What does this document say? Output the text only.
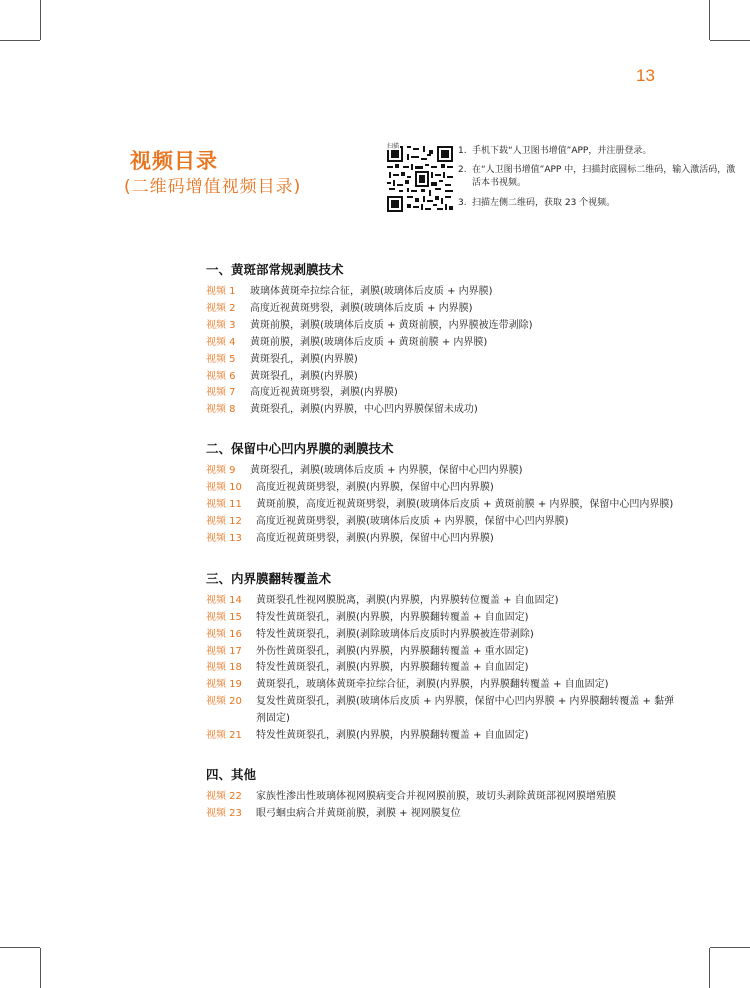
13
视频目录
(二维码增值视频目录)
扫描	1. 手机下载“人卫图书增值”APP，并注册登录。
2. 在“人卫图书增值”APP 中，扫描封底圆标二维码，输入激活码，激活本书视频。
3. 扫描左侧二维码，获取 23 个视频。
一、黄斑部常规剥膜技术
视频 1	玻璃体黄斑牵拉综合征，剥膜(玻璃体后皮质 + 内界膜)
视频 2	高度近视黄斑劈裂，剥膜(玻璃体后皮质 + 内界膜)
视频 3	黄斑前膜，剥膜(玻璃体后皮质 + 黄斑前膜，内界膜被连带剥除)
视频 4	黄斑前膜，剥膜(玻璃体后皮质 + 黄斑前膜 + 内界膜)
视频 5	黄斑裂孔，剥膜(内界膜)
视频 6	黄斑裂孔，剥膜(内界膜)
视频 7	高度近视黄斑劈裂，剥膜(内界膜)
视频 8	黄斑裂孔，剥膜(内界膜，中心凹内界膜保留未成功)
二、保留中心凹内界膜的剥膜技术
视频 9	黄斑裂孔，剥膜(玻璃体后皮质 + 内界膜，保留中心凹内界膜)
视频 10	高度近视黄斑劈裂，剥膜(内界膜，保留中心凹内界膜)
视频 11	黄斑前膜，高度近视黄斑劈裂，剥膜(玻璃体后皮质 + 黄斑前膜 + 内界膜，保留中心凹内界膜)
视频 12	高度近视黄斑劈裂，剥膜(玻璃体后皮质 + 内界膜，保留中心凹内界膜)
视频 13	高度近视黄斑劈裂，剥膜(内界膜，保留中心凹内界膜)
三、内界膜翻转覆盖术
视频 14	黄斑裂孔性视网膜脱离，剥膜(内界膜，内界膜转位覆盖 + 自血固定)
视频 15	特发性黄斑裂孔，剥膜(内界膜，内界膜翻转覆盖 + 自血固定)
视频 16	特发性黄斑裂孔，剥膜(剥除玻璃体后皮质时内界膜被连带剥除)
视频 17	外伤性黄斑裂孔，剥膜(内界膜，内界膜翻转覆盖 + 重水固定)
视频 18	特发性黄斑裂孔，剥膜(内界膜，内界膜翻转覆盖 + 自血固定)
视频 19	黄斑裂孔，玻璃体黄斑牵拉综合征，剥膜(内界膜，内界膜翻转覆盖 + 自血固定)
视频 20	复发性黄斑裂孔，剥膜(玻璃体后皮质 + 内界膜，保留中心凹内界膜 + 内界膜翻转覆盖 + 黏弹剂固定)
视频 21	特发性黄斑裂孔，剥膜(内界膜，内界膜翻转覆盖 + 自血固定)
四、其他
视频 22	家族性渗出性玻璃体视网膜病变合并视网膜前膜，玻切头剥除黄斑部视网膜增殖膜
视频 23	眼弓蛔虫病合并黄斑前膜，剥膜 + 视网膜复位
